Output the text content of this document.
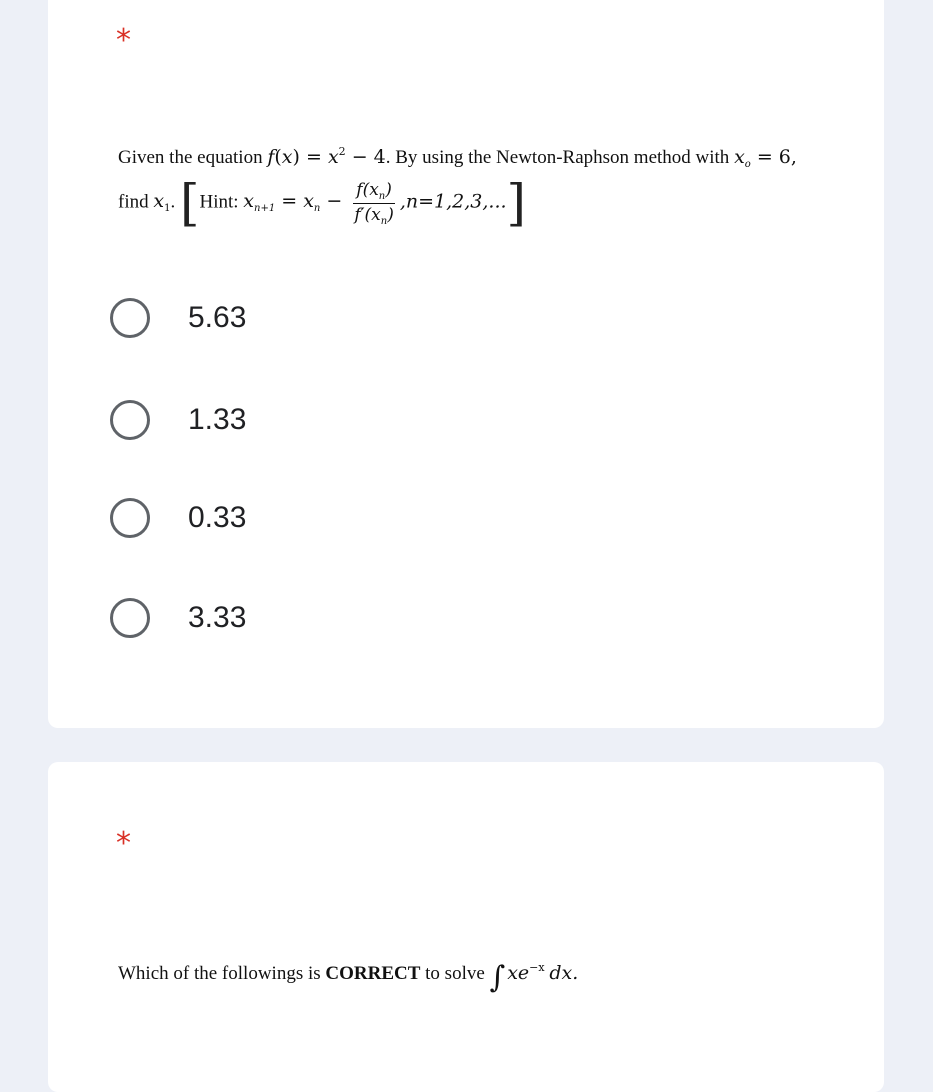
*
Given the equation $f(x) = x^2 - 4$. By using the Newton-Raphson method with $x_o = 6$,
find $x_1$. [Hint: $x_{n+1} = x_n - \frac{f(x_n)}{f'(x_n)} ,n=1,2,3$,...]
5.63
1.33
0.33
3.33
*
Which of the followings is CORRECT to solve ∫ $xe^{-x}$ dx.
